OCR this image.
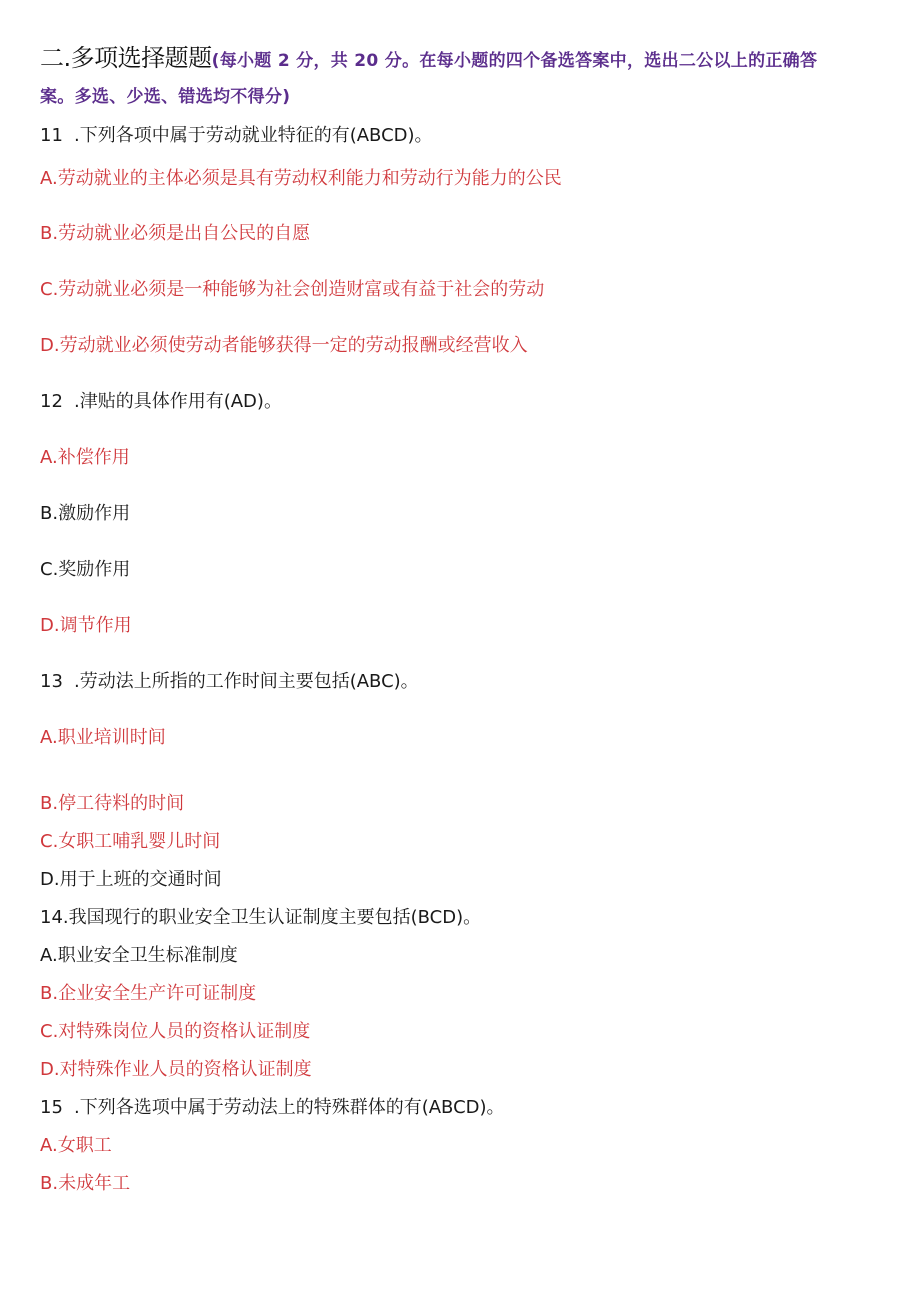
二.多项选择题题(每小题 2 分，共 20 分。在每小题的四个备选答案中，选出二公以上的正确答
案。多选、少选、错选均不得分)
11 .下列各项中属于劳动就业特征的有(ABCD)。
A.劳动就业的主体必须是具有劳动权利能力和劳动行为能力的公民
B.劳动就业必须是出自公民的自愿
C.劳动就业必须是一种能够为社会创造财富或有益于社会的劳动
D.劳动就业必须使劳动者能够获得一定的劳动报酬或经营收入
12 .津贴的具体作用有(AD)。
A.补偿作用
B.激励作用
C.奖励作用
D.调节作用
13 .劳动法上所指的工作时间主要包括(ABC)。
A.职业培训时间
B.停工待料的时间
C.女职工哺乳婴儿时间
D.用于上班的交通时间
14.我国现行的职业安全卫生认证制度主要包括(BCD)。
A.职业安全卫生标准制度
B.企业安全生产许可证制度
C.对特殊岗位人员的资格认证制度
D.对特殊作业人员的资格认证制度
15 .下列各选项中属于劳动法上的特殊群体的有(ABCD)。
A.女职工
B.未成年工
